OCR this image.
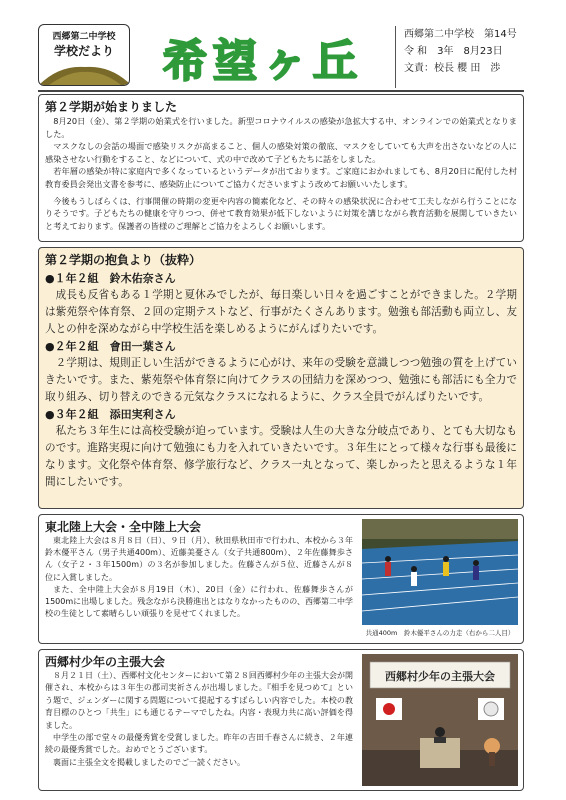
西郷第二中学校
学校だより	希望ヶ丘
西郷第二中学校　第14号
令 和　3年　8月23日
文責：校長 櫻 田　渉
第２学期が始まりました

8月20日（金）、第２学期の始業式を行いました。新型コロナウイルスの感染が急拡大する中、オンラインでの始業式となりました。

マスクなしの会話の場面で感染リスクが高まること、個人の感染対策の徹底、マスクをしていても大声を出さないなどの人に感染させない行動をすること、などについて、式の中で改めて子どもたちに話をしました。

若年層の感染が特に家庭内で多くなっているというデータが出ております。ご家庭におかれましても、8月20日に配付した村教育委員会発出文書を参考に、感染防止についてご協力くださいますよう改めてお願いいたします。

今後もうしばらくは、行事開催の時期の変更や内容の簡素化など、その時々の感染状況に合わせて工夫しながら行うことになりそうです。子どもたちの健康を守りつつ、併せて教育効果が低下しないように対策を講じながら教育活動を展開していきたいと考えております。保護者の皆様のご理解とご協力をよろしくお願いします。

第２学期の抱負より（抜粋）
●１年２組　鈴木佑奈さん

成長も反省もある１学期と夏休みでしたが、毎日楽しい日々を過ごすことができました。２学期は紫苑祭や体育祭、２回の定期テストなど、行事がたくさんあります。勉強も部活動も両立し、友人との仲を深めながら中学校生活を楽しめるようにがんばりたいです。

●２年２組　會田一葉さん

２学期は、規則正しい生活ができるように心がけ、来年の受験を意識しつつ勉強の質を上げていきたいです。また、紫苑祭や体育祭に向けてクラスの団結力を深めつつ、勉強にも部活にも全力で取り組み、切り替えのできる元気なクラスになれるように、クラス全員でがんばりたいです。

●３年２組　添田実利さん

私たち３年生には高校受験が迫っています。受験は人生の大きな分岐点であり、とても大切なものです。進路実現に向けて勉強にも力を入れていきたいです。３年生にとって様々な行事も最後になります。文化祭や体育祭、修学旅行など、クラス一丸となって、楽しかったと思えるような１年間にしたいです。

東北陸上大会・全中陸上大会

東北陸上大会は８月８日（日）、９日（月）、秋田県秋田市で行われ、本校から３年鈴木優平さん（男子共通400m）、近藤美憂さん（女子共通800m）、２年佐藤舞歩さん（女子２・３年1500m）の３名が参加しました。佐藤さんが５位、近藤さんが８位に入賞しました。

また、全中陸上大会が８月19日（木）、20日（金）に行われ、佐藤舞歩さんが1500mに出場しました。残念ながら決勝進出とはなりなかったものの、西郷第二中学校の生徒として素晴らしい頑張りを見せてくれました。

共通400m　鈴木優平さんの力走（右から二人目）
西郷村少年の主張大会

８月２１日（土）、西郷村文化センターにおいて第２８回西郷村少年の主張大会が開催され、本校からは３年生の郡司実祈さんが出場しました。『相手を見つめて』という題で、ジェンダーに関する問題について提起するすばらしい内容でした。本校の教育目標のひとつ「共生」にも通じるテーマでしたね。内容・表現力共に高い評価を得ました。

中学生の部で堂々の最優秀賞を受賞しました。昨年の吉田千春さんに続き、２年連続の最優秀賞でした。おめでとうございます。

裏面に主張全文を掲載しましたのでご一読ください。

西郷村少年の主張大会
